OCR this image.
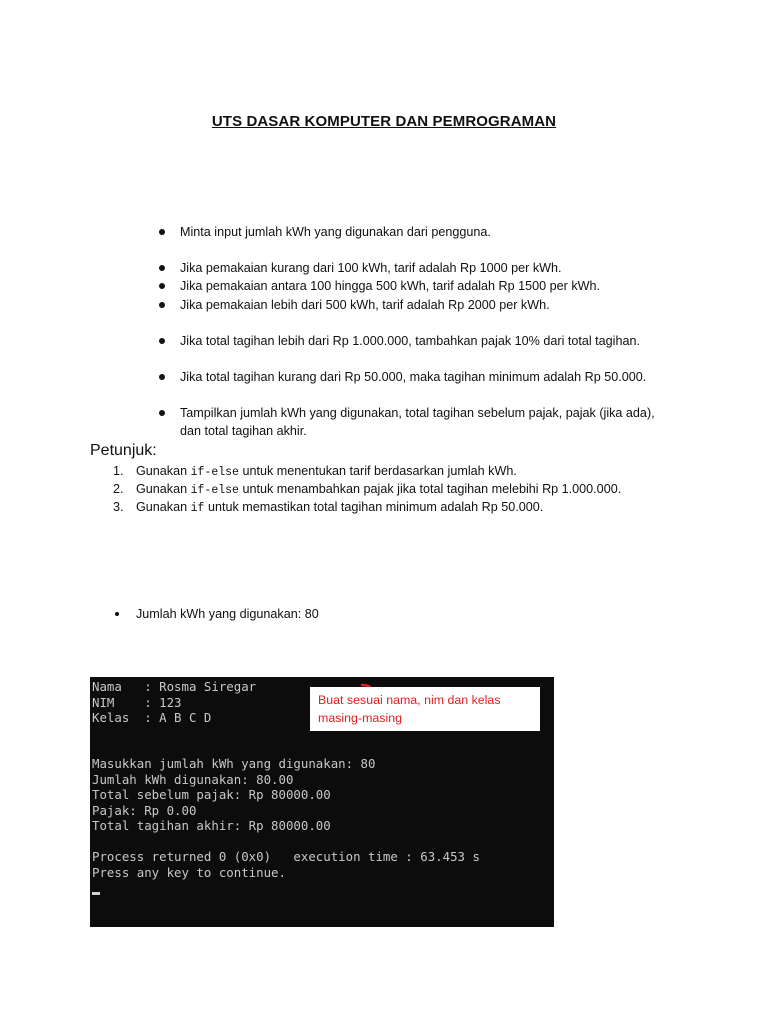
UTS DASAR KOMPUTER DAN PEMROGRAMAN
Minta input jumlah kWh yang digunakan dari pengguna.
Jika pemakaian kurang dari 100 kWh, tarif adalah Rp 1000 per kWh.
Jika pemakaian antara 100 hingga 500 kWh, tarif adalah Rp 1500 per kWh.
Jika pemakaian lebih dari 500 kWh, tarif adalah Rp 2000 per kWh.
Jika total tagihan lebih dari Rp 1.000.000, tambahkan pajak 10% dari total tagihan.
Jika total tagihan kurang dari Rp 50.000, maka tagihan minimum adalah Rp 50.000.
Tampilkan jumlah kWh yang digunakan, total tagihan sebelum pajak, pajak (jika ada), dan total tagihan akhir.
Petunjuk:
1. Gunakan if-else untuk menentukan tarif berdasarkan jumlah kWh.
2. Gunakan if-else untuk menambahkan pajak jika total tagihan melebihi Rp 1.000.000.
3. Gunakan if untuk memastikan total tagihan minimum adalah Rp 50.000.
Jumlah kWh yang digunakan: 80
Nama   : Rosma Siregar
NIM    : 123
Kelas  : A B C D
Masukkan jumlah kWh yang digunakan: 80
Jumlah kWh digunakan: 80.00
Total sebelum pajak: Rp 80000.00
Pajak: Rp 0.00
Total tagihan akhir: Rp 80000.00
Process returned 0 (0x0)   execution time : 63.453 s
Press any key to continue.
Buat sesuai nama, nim dan kelas masing-masing
